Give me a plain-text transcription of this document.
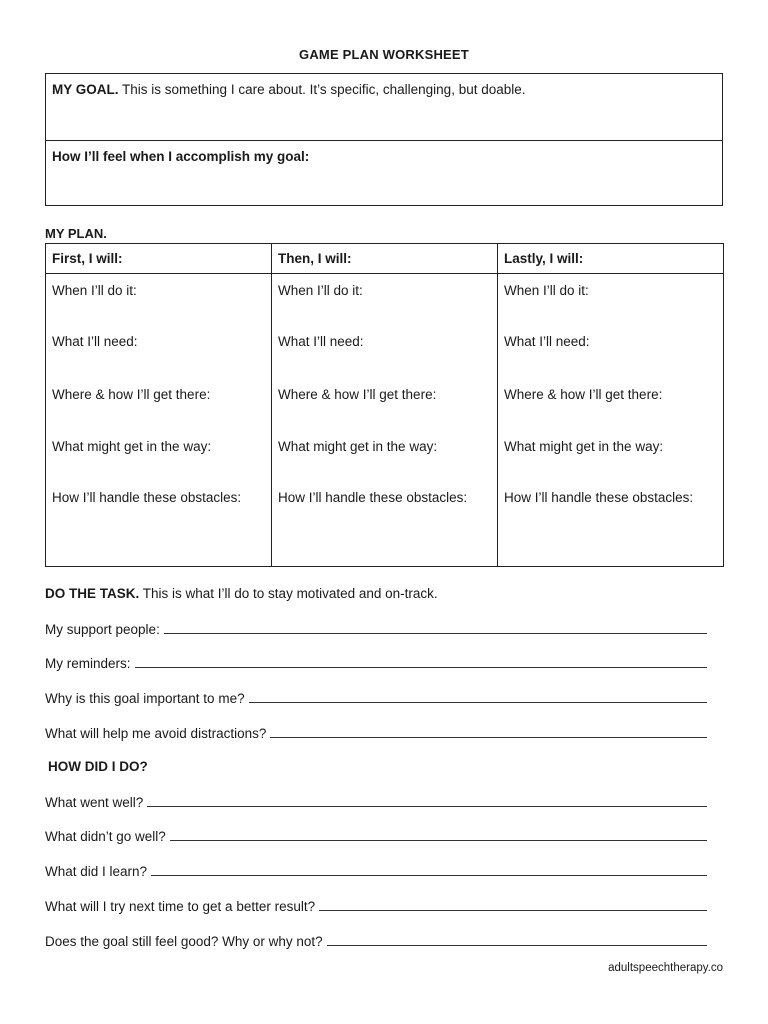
GAME PLAN WORKSHEET
MY GOAL. This is something I care about. It’s specific, challenging, but doable.
How I’ll feel when I accomplish my goal:
MY PLAN.
First, I will:
When I’ll do it:
What I’ll need:
Where & how I’ll get there:
What might get in the way:
How I’ll handle these obstacles:
Then, I will:
When I’ll do it:
What I’ll need:
Where & how I’ll get there:
What might get in the way:
How I’ll handle these obstacles:
Lastly, I will:
When I’ll do it:
What I’ll need:
Where & how I’ll get there:
What might get in the way:
How I’ll handle these obstacles:
DO THE TASK. This is what I’ll do to stay motivated and on-track.
My support people:
My reminders:
Why is this goal important to me?
What will help me avoid distractions?
HOW DID I DO?
What went well?
What didn’t go well?
What did I learn?
What will I try next time to get a better result?
Does the goal still feel good? Why or why not?
adultspeechtherapy.co
